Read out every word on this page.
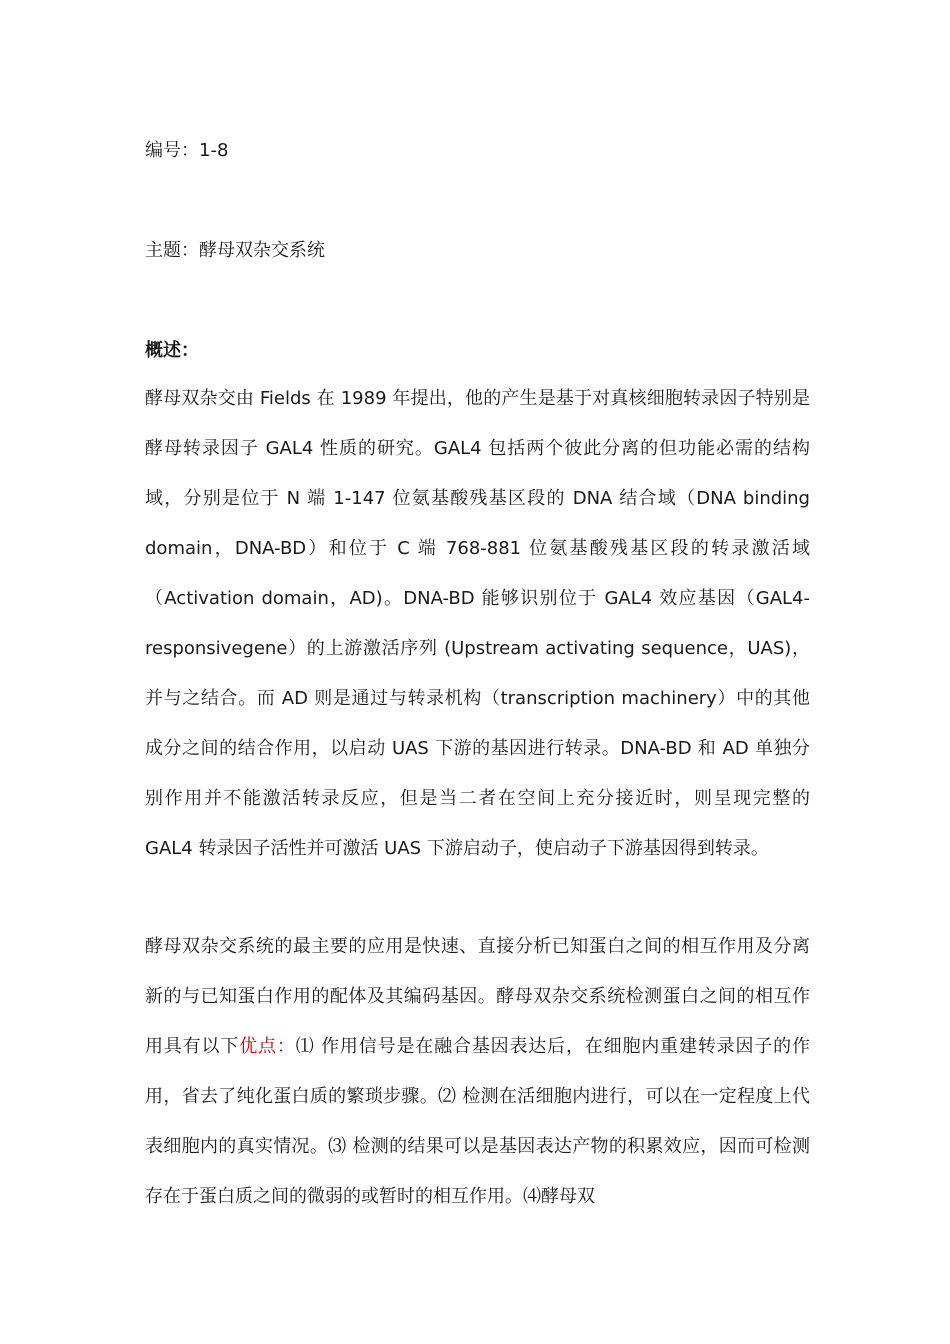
编号：1-8
主题：酵母双杂交系统
概述：

酵母双杂交由 Fields 在 1989 年提出，他的产生是基于对真核细胞转录因子特别是酵母转录因子 GAL4 性质的研究。GAL4 包括两个彼此分离的但功能必需的结构域，分别是位于 N 端 1-147 位氨基酸残基区段的 DNA 结合域（DNA binding domain，DNA-BD）和位于 C 端 768-881 位氨基酸残基区段的转录激活域（Activation domain，AD)。DNA-BD 能够识别位于 GAL4 效应基因（GAL4-responsivegene）的上游激活序列 (Upstream activating sequence，UAS)，并与之结合。而 AD 则是通过与转录机构（transcription machinery）中的其他成分之间的结合作用，以启动 UAS 下游的基因进行转录。DNA-BD 和 AD 单独分别作用并不能激活转录反应，但是当二者在空间上充分接近时，则呈现完整的 GAL4 转录因子活性并可激活 UAS 下游启动子，使启动子下游基因得到转录。

酵母双杂交系统的最主要的应用是快速、直接分析已知蛋白之间的相互作用及分离新的与已知蛋白作用的配体及其编码基因。酵母双杂交系统检测蛋白之间的相互作用具有以下优点：⑴ 作用信号是在融合基因表达后，在细胞内重建转录因子的作用，省去了纯化蛋白质的繁琐步骤。⑵ 检测在活细胞内进行，可以在一定程度上代表细胞内的真实情况。⑶ 检测的结果可以是基因表达产物的积累效应，因而可检测存在于蛋白质之间的微弱的或暂时的相互作用。⑷酵母双
